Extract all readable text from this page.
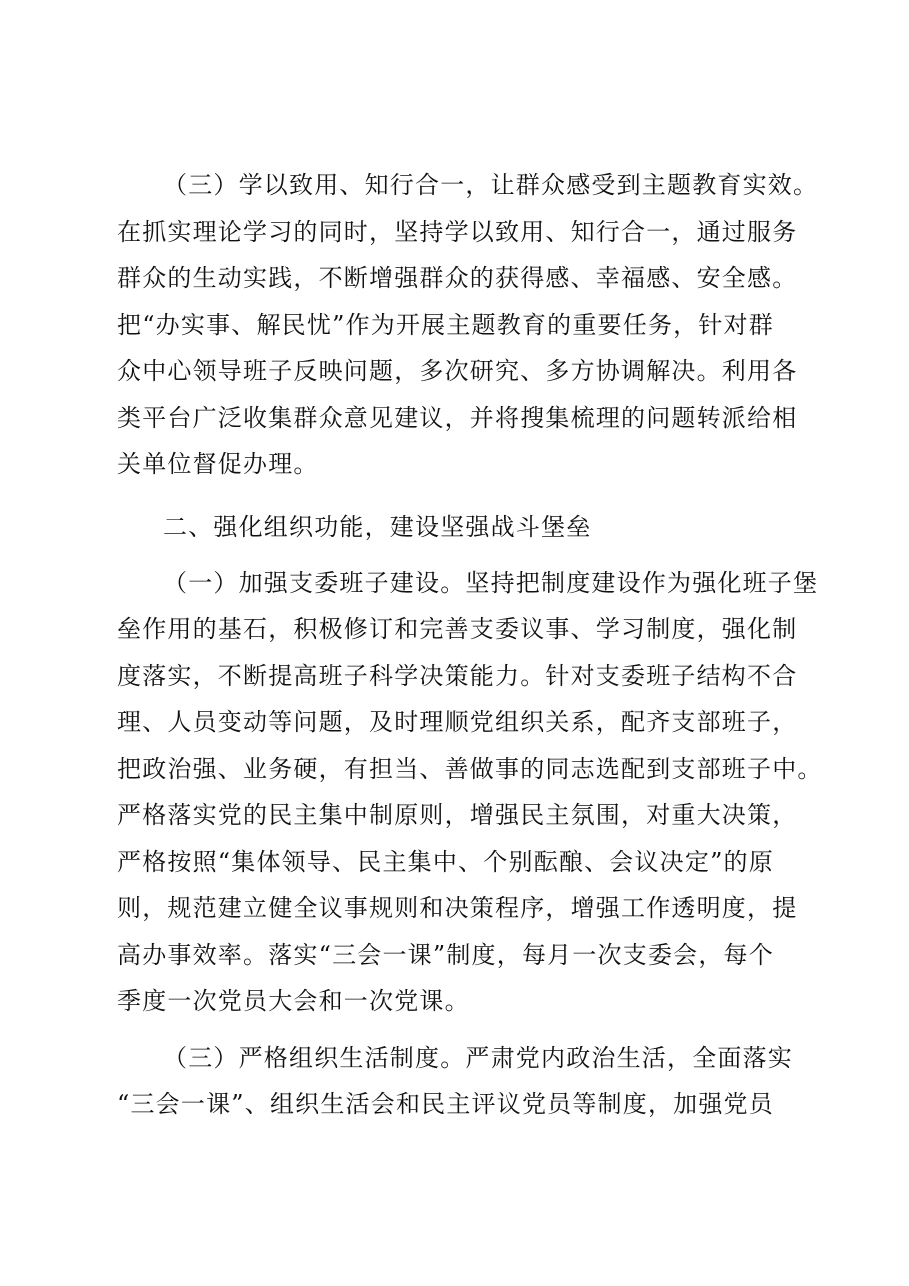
（三）学以致用、知行合一，让群众感受到主题教育实效。
在抓实理论学习的同时，坚持学以致用、知行合一，通过服务
群众的生动实践，不断增强群众的获得感、幸福感、安全感。
把“办实事、解民忧”作为开展主题教育的重要任务，针对群
众中心领导班子反映问题，多次研究、多方协调解决。利用各
类平台广泛收集群众意见建议，并将搜集梳理的问题转派给相
关单位督促办理。
二、强化组织功能，建设坚强战斗堡垒
（一）加强支委班子建设。坚持把制度建设作为强化班子堡
垒作用的基石，积极修订和完善支委议事、学习制度，强化制
度落实，不断提高班子科学决策能力。针对支委班子结构不合
理、人员变动等问题，及时理顺党组织关系，配齐支部班子，
把政治强、业务硬，有担当、善做事的同志选配到支部班子中。
严格落实党的民主集中制原则，增强民主氛围，对重大决策，
严格按照“集体领导、民主集中、个别酝酿、会议决定”的原
则，规范建立健全议事规则和决策程序，增强工作透明度，提
高办事效率。落实“三会一课”制度，每月一次支委会，每个
季度一次党员大会和一次党课。
（三）严格组织生活制度。严肃党内政治生活，全面落实
“三会一课”、组织生活会和民主评议党员等制度，加强党员
